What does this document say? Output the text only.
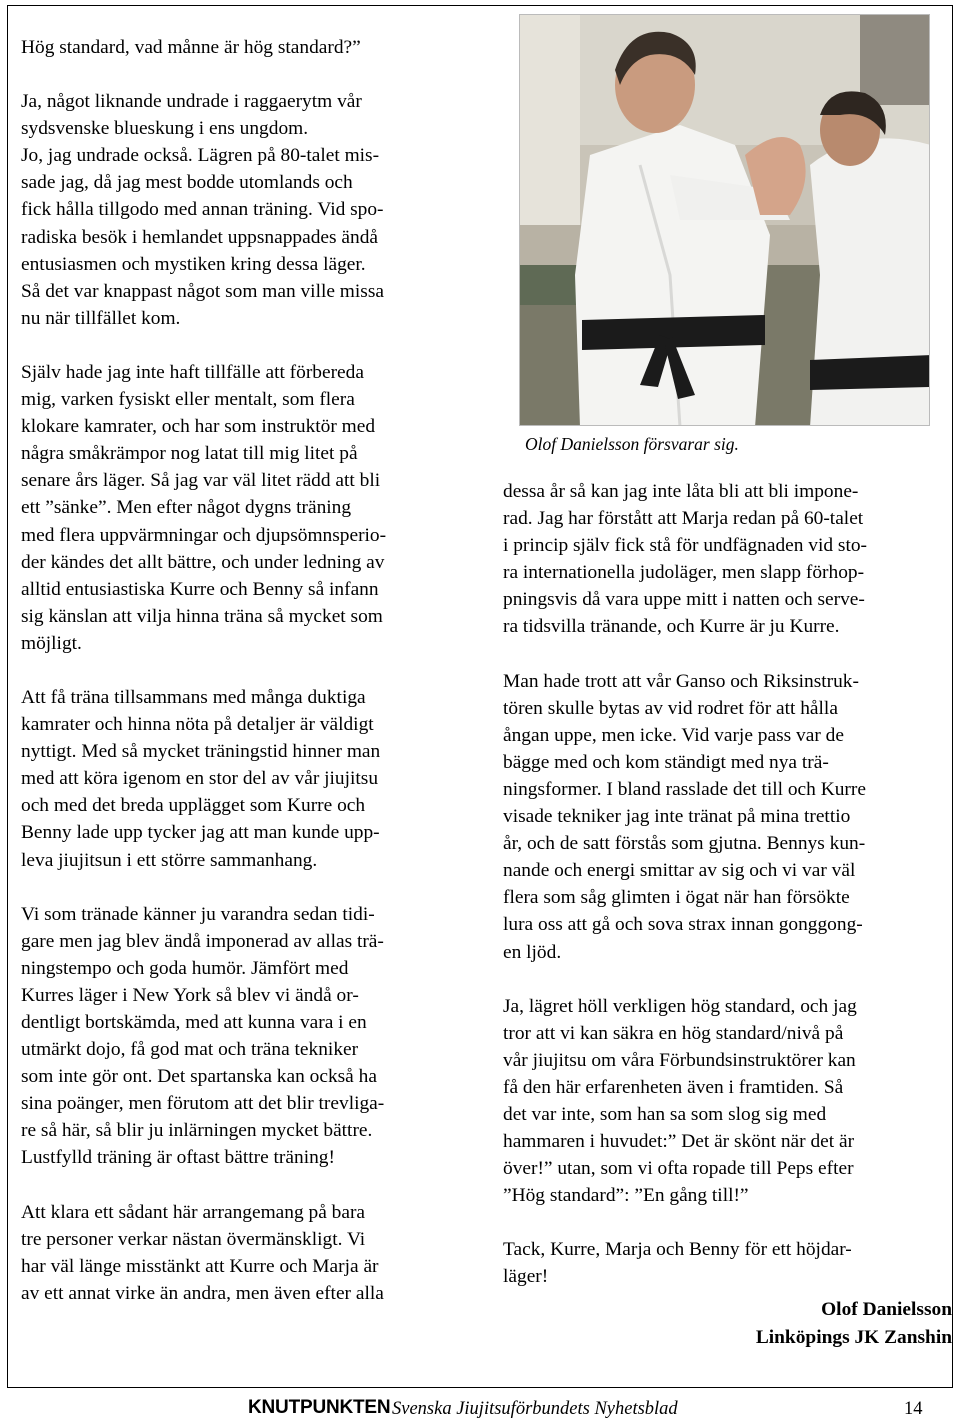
Hög standard, vad månne är hög standard?”

Ja, något liknande undrade i raggaerytm vår
sydsvenske blueskung i ens ungdom.
Jo, jag undrade också. Lägren på 80-talet mis-
sade jag, då jag mest bodde utomlands och
fick hålla tillgodo med annan träning. Vid spo-
radiska besök i hemlandet uppsnappades ändå
entusiasmen och mystiken kring dessa läger.
Så det var knappast något som man ville missa
nu när tillfället kom.

Själv hade jag inte haft tillfälle att förbereda
mig, varken fysiskt eller mentalt, som flera
klokare kamrater, och har som instruktör med
några småkrämpor nog latat till mig litet på
senare års läger. Så jag var väl litet rädd att bli
ett ”sänke”. Men efter något dygns träning
med flera uppvärmningar och djupsömnsperio-
der kändes det allt bättre, och under ledning av
alltid entusiastiska Kurre och Benny så infann
sig känslan att vilja hinna träna så mycket som
möjligt.

Att få träna tillsammans med många duktiga
kamrater och hinna nöta på detaljer är väldigt
nyttigt. Med så mycket träningstid hinner man
med att köra igenom en stor del av vår jiujitsu
och med det breda upplägget som Kurre och
Benny lade upp tycker jag att man kunde upp-
leva jiujitsun i ett större sammanhang.

Vi som tränade känner ju varandra sedan tidi-
gare men jag blev ändå imponerad av allas trä-
ningstempo och goda humör. Jämfört med
Kurres läger i New York så blev vi ändå or-
dentligt bortskämda, med att kunna vara i en
utmärkt dojo, få god mat och träna tekniker
som inte gör ont. Det spartanska kan också ha
sina poänger, men förutom att det blir trevliga-
re så här, så blir ju inlärningen mycket bättre.
Lustfylld träning är oftast bättre träning!

Att klara ett sådant här arrangemang på bara
tre personer verkar nästan övermänskligt. Vi
har väl länge misstänkt att Kurre och Marja är
av ett annat virke än andra, men även efter alla

Olof Danielsson försvarar sig.

dessa år så kan jag inte låta bli att bli impone-
rad. Jag har förstått att Marja redan på 60-talet
i princip själv fick stå för undfägnaden vid sto-
ra internationella judoläger, men slapp förhop-
pningsvis då vara uppe mitt i natten och serve-
ra tidsvilla tränande, och Kurre är ju Kurre.

Man hade trott att vår Ganso och Riksinstruk-
tören skulle bytas av vid rodret för att hålla
ångan uppe, men icke. Vid varje pass var de
bägge med och kom ständigt med nya trä-
ningsformer. I bland rasslade det till och Kurre
visade tekniker jag inte tränat på mina trettio
år, och de satt förstås som gjutna. Bennys kun-
nande och energi smittar av sig och vi var väl
flera som såg glimten i ögat när han försökte
lura oss att gå och sova strax innan gonggong-
en ljöd.

Ja, lägret höll verkligen hög standard, och jag
tror att vi kan säkra en hög standard/nivå på
vår jiujitsu om våra Förbundsinstruktörer kan
få den här erfarenheten även i framtiden. Så
det var inte, som han sa som slog sig med
hammaren i huvudet:” Det är skönt när det är
över!” utan, som vi ofta ropade till Peps efter
”Hög standard”: ”En gång till!”

Tack, Kurre, Marja och Benny för ett höjdar-
läger!

Olof Danielsson
Linköpings JK Zanshin
KNUTPUNKTEN Svenska Jiujitsuförbundets Nyhetsblad	14
